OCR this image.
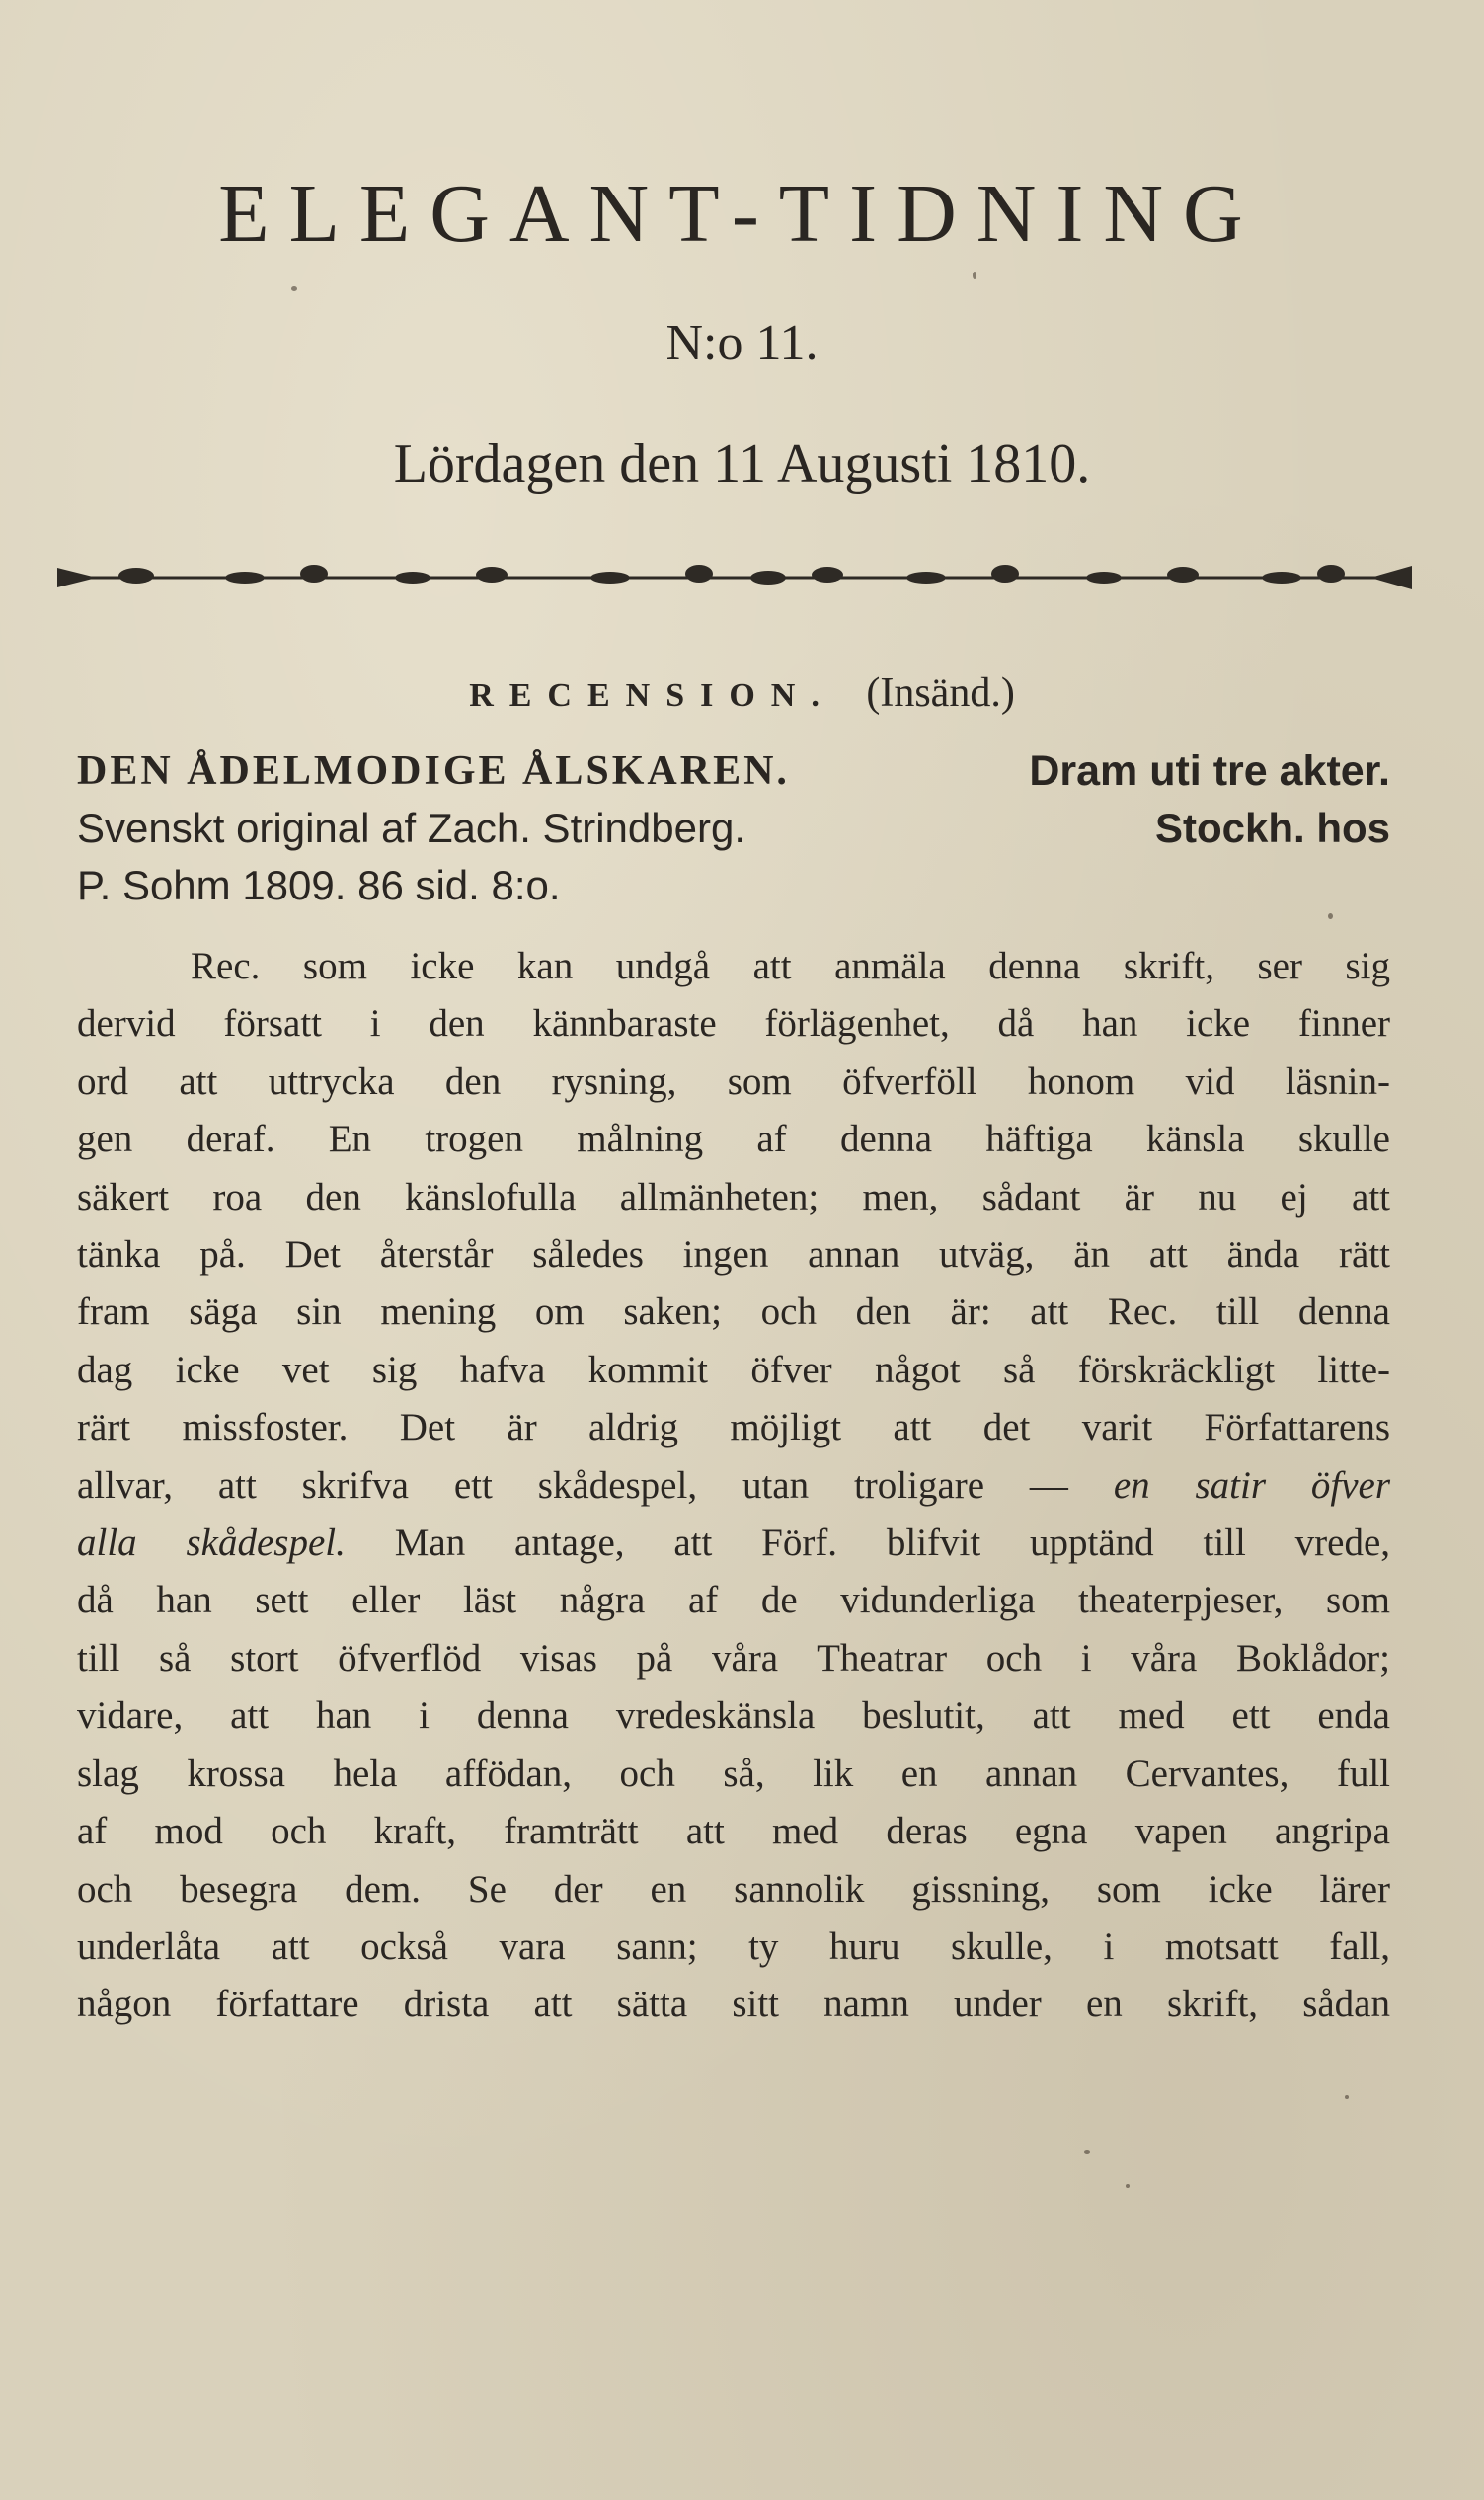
ELEGANT-TIDNING
N:o 11.
Lördagen den 11 Augusti 1810.
RECENSION. (Insänd.)
DEN ÅDELMODIGE ÅLSKAREN.	Dram uti tre akter.
Svenskt original af Zach. Strindberg.	Stockh. hos
P. Sohm 1809. 86 sid. 8:o.
Rec. som icke kan undgå att anmäla denna skrift, ser sig
dervid försatt i den kännbaraste förlägenhet, då han icke finner
ord att uttrycka den rysning, som öfverföll honom vid läsnin-
gen deraf. En trogen målning af denna häftiga känsla skulle
säkert roa den känslofulla allmänheten; men, sådant är nu ej att
tänka på. Det återstår således ingen annan utväg, än att ända rätt
fram säga sin mening om saken; och den är: att Rec. till denna
dag icke vet sig hafva kommit öfver något så förskräckligt litte-
rärt missfoster. Det är aldrig möjligt att det varit Författarens
allvar, att skrifva ett skådespel, utan troligare — en satir öfver
alla skådespel. Man antage, att Förf. blifvit upptänd till vrede,
då han sett eller läst några af de vidunderliga theaterpjeser, som
till så stort öfverflöd visas på våra Theatrar och i våra Boklådor;
vidare, att han i denna vredeskänsla beslutit, att med ett enda
slag krossa hela affödan, och så, lik en annan Cervantes, full
af mod och kraft, framträtt att med deras egna vapen angripa
och besegra dem. Se der en sannolik gissning, som icke lärer
underlåta att också vara sann; ty huru skulle, i motsatt fall,
någon författare drista att sätta sitt namn under en skrift, sådan
